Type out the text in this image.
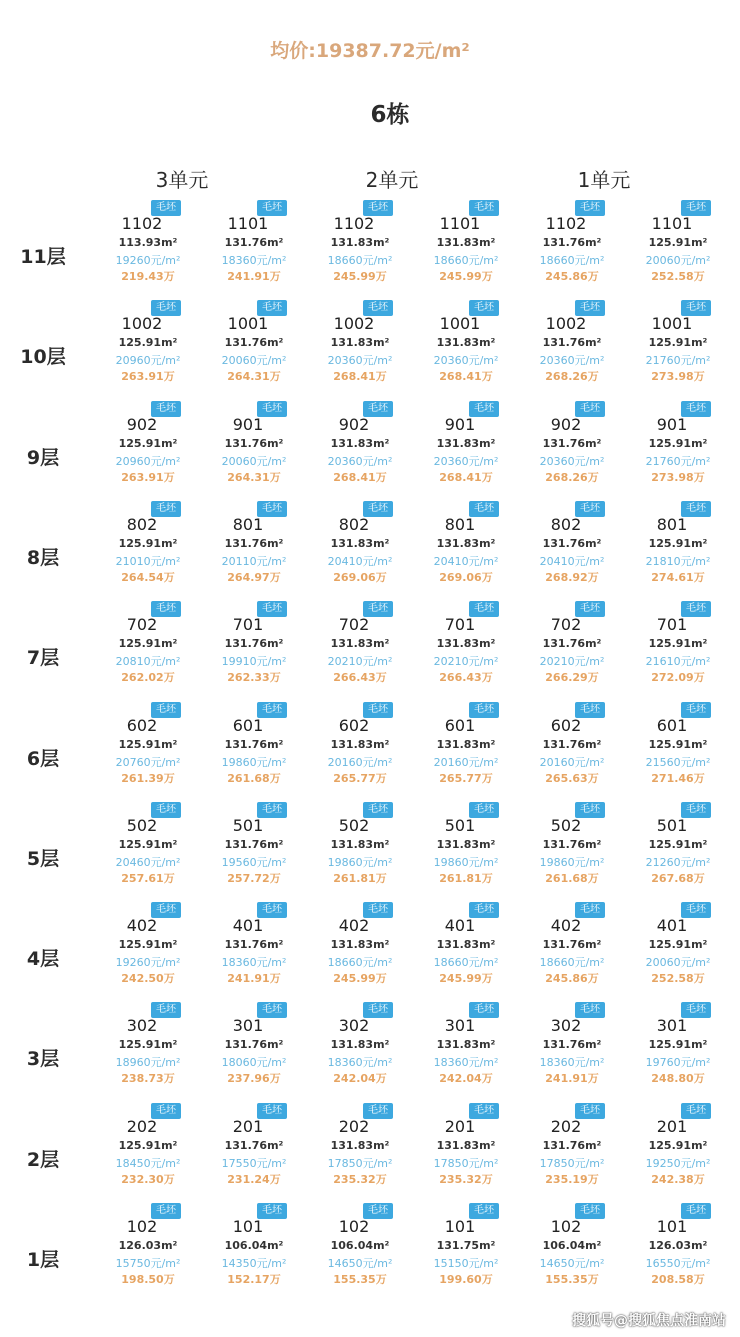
均价:19387.72元/m²
6栋
3单元	2单元	1单元
11层
毛坯
1102
113.93m²
19260元/m²
219.43万
毛坯
1101
131.76m²
18360元/m²
241.91万
毛坯
1102
131.83m²
18660元/m²
245.99万
毛坯
1101
131.83m²
18660元/m²
245.99万
毛坯
1102
131.76m²
18660元/m²
245.86万
毛坯
1101
125.91m²
20060元/m²
252.58万
10层
毛坯
1002
125.91m²
20960元/m²
263.91万
毛坯
1001
131.76m²
20060元/m²
264.31万
毛坯
1002
131.83m²
20360元/m²
268.41万
毛坯
1001
131.83m²
20360元/m²
268.41万
毛坯
1002
131.76m²
20360元/m²
268.26万
毛坯
1001
125.91m²
21760元/m²
273.98万
9层
毛坯
902
125.91m²
20960元/m²
263.91万
毛坯
901
131.76m²
20060元/m²
264.31万
毛坯
902
131.83m²
20360元/m²
268.41万
毛坯
901
131.83m²
20360元/m²
268.41万
毛坯
902
131.76m²
20360元/m²
268.26万
毛坯
901
125.91m²
21760元/m²
273.98万
8层
毛坯
802
125.91m²
21010元/m²
264.54万
毛坯
801
131.76m²
20110元/m²
264.97万
毛坯
802
131.83m²
20410元/m²
269.06万
毛坯
801
131.83m²
20410元/m²
269.06万
毛坯
802
131.76m²
20410元/m²
268.92万
毛坯
801
125.91m²
21810元/m²
274.61万
7层
毛坯
702
125.91m²
20810元/m²
262.02万
毛坯
701
131.76m²
19910元/m²
262.33万
毛坯
702
131.83m²
20210元/m²
266.43万
毛坯
701
131.83m²
20210元/m²
266.43万
毛坯
702
131.76m²
20210元/m²
266.29万
毛坯
701
125.91m²
21610元/m²
272.09万
6层
毛坯
602
125.91m²
20760元/m²
261.39万
毛坯
601
131.76m²
19860元/m²
261.68万
毛坯
602
131.83m²
20160元/m²
265.77万
毛坯
601
131.83m²
20160元/m²
265.77万
毛坯
602
131.76m²
20160元/m²
265.63万
毛坯
601
125.91m²
21560元/m²
271.46万
5层
毛坯
502
125.91m²
20460元/m²
257.61万
毛坯
501
131.76m²
19560元/m²
257.72万
毛坯
502
131.83m²
19860元/m²
261.81万
毛坯
501
131.83m²
19860元/m²
261.81万
毛坯
502
131.76m²
19860元/m²
261.68万
毛坯
501
125.91m²
21260元/m²
267.68万
4层
毛坯
402
125.91m²
19260元/m²
242.50万
毛坯
401
131.76m²
18360元/m²
241.91万
毛坯
402
131.83m²
18660元/m²
245.99万
毛坯
401
131.83m²
18660元/m²
245.99万
毛坯
402
131.76m²
18660元/m²
245.86万
毛坯
401
125.91m²
20060元/m²
252.58万
3层
毛坯
302
125.91m²
18960元/m²
238.73万
毛坯
301
131.76m²
18060元/m²
237.96万
毛坯
302
131.83m²
18360元/m²
242.04万
毛坯
301
131.83m²
18360元/m²
242.04万
毛坯
302
131.76m²
18360元/m²
241.91万
毛坯
301
125.91m²
19760元/m²
248.80万
2层
毛坯
202
125.91m²
18450元/m²
232.30万
毛坯
201
131.76m²
17550元/m²
231.24万
毛坯
202
131.83m²
17850元/m²
235.32万
毛坯
201
131.83m²
17850元/m²
235.32万
毛坯
202
131.76m²
17850元/m²
235.19万
毛坯
201
125.91m²
19250元/m²
242.38万
1层
毛坯
102
126.03m²
15750元/m²
198.50万
毛坯
101
106.04m²
14350元/m²
152.17万
毛坯
102
106.04m²
14650元/m²
155.35万
毛坯
101
131.75m²
15150元/m²
199.60万
毛坯
102
106.04m²
14650元/m²
155.35万
毛坯
101
126.03m²
16550元/m²
208.58万
搜狐号@搜狐焦点淮南站
